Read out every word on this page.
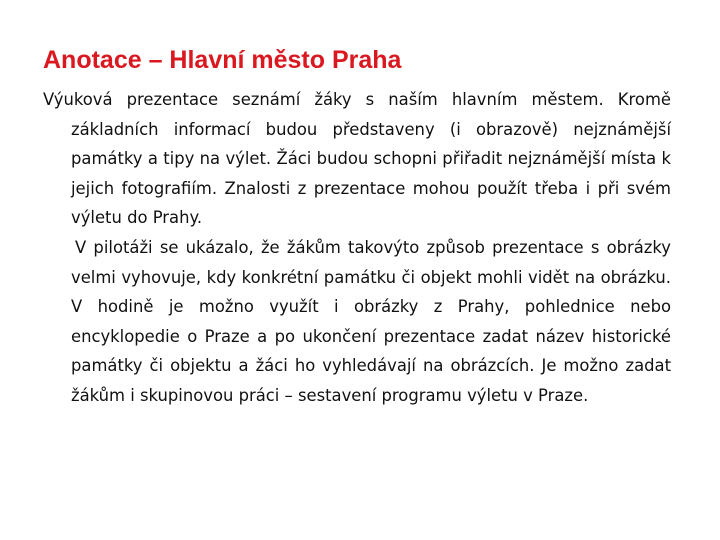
Anotace – Hlavní město Praha

Výuková prezentace seznámí žáky s naším hlavním městem. Kromě základních informací budou představeny (i obrazově) nejznámější památky a tipy na výlet. Žáci budou schopni přiřadit nejznámější místa k jejich fotografiím. Znalosti z prezentace mohou použít třeba i při svém výletu do Prahy.

V pilotáži se ukázalo, že žákům takovýto způsob prezentace s obrázky velmi vyhovuje, kdy konkrétní památku či objekt mohli vidět na obrázku. V hodině je možno využít i obrázky z Prahy, pohlednice nebo encyklopedie o Praze a po ukončení prezentace zadat název historické památky či objektu a žáci ho vyhledávají na obrázcích. Je možno zadat žákům i skupinovou práci – sestavení programu výletu v Praze.
